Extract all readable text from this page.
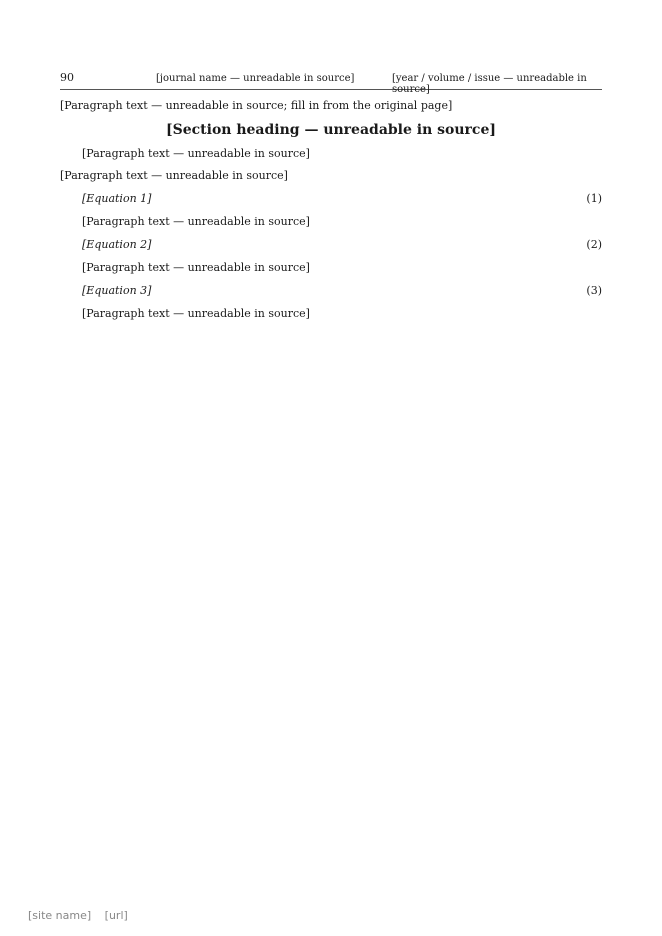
90	[journal name — unreadable in source]	[year / volume / issue — unreadable in source]

[Paragraph text — unreadable in source; fill in from the original page]

[Section heading — unreadable in source]

[Paragraph text — unreadable in source]

[Paragraph text — unreadable in source]

[Equation 1]	(1)

[Paragraph text — unreadable in source]

[Equation 2]	(2)

[Paragraph text — unreadable in source]

[Equation 3]	(3)

[Paragraph text — unreadable in source]

[site name] [url]
